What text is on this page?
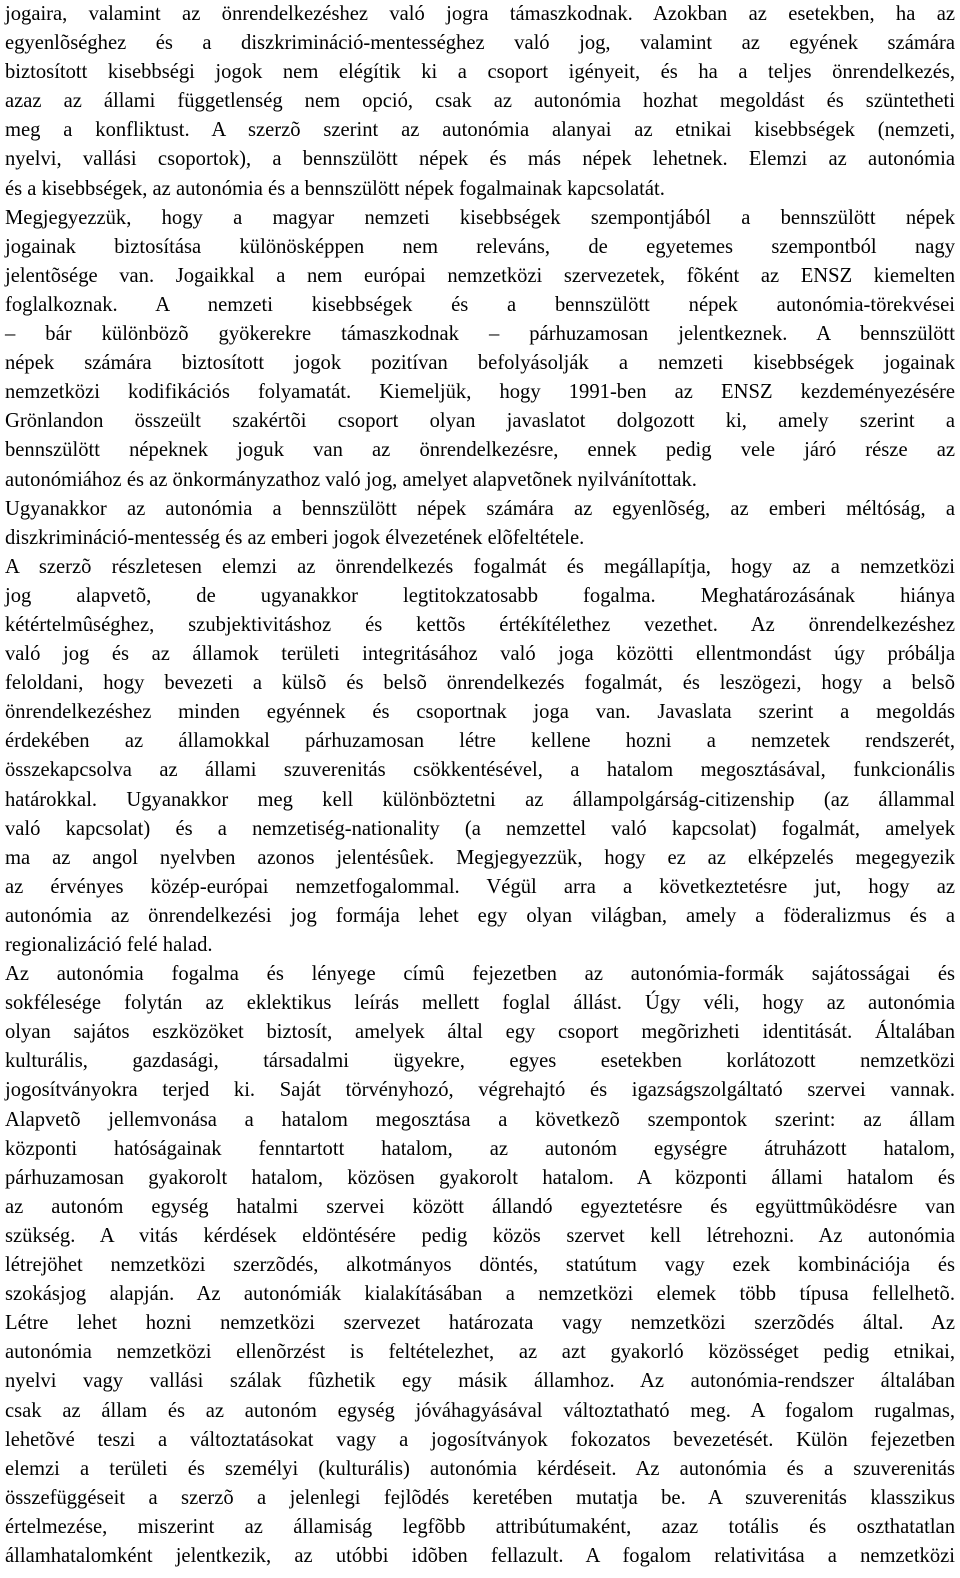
jogaira, valamint az önrendelkezéshez való jogra támaszkodnak. Azokban az esetekben, ha az
egyenlõséghez és a diszkrimináció-mentességhez való jog, valamint az egyének számára
biztosított kisebbségi jogok nem elégítik ki a csoport igényeit, és ha a teljes önrendelkezés,
azaz az állami függetlenség nem opció, csak az autonómia hozhat megoldást és szüntetheti
meg a konfliktust. A szerzõ szerint az autonómia alanyai az etnikai kisebbségek (nemzeti,
nyelvi, vallási csoportok), a bennszülött népek és más népek lehetnek. Elemzi az autonómia
és a kisebbségek, az autonómia és a bennszülött népek fogalmainak kapcsolatát.
Megjegyezzük, hogy a magyar nemzeti kisebbségek szempontjából a bennszülött népek
jogainak biztosítása különösképpen nem releváns, de egyetemes szempontból nagy
jelentõsége van. Jogaikkal a nem európai nemzetközi szervezetek, fõként az ENSZ kiemelten
foglalkoznak. A nemzeti kisebbségek és a bennszülött népek autonómia-törekvései
– bár különbözõ gyökerekre támaszkodnak – párhuzamosan jelentkeznek. A bennszülött
népek számára biztosított jogok pozitívan befolyásolják a nemzeti kisebbségek jogainak
nemzetközi kodifikációs folyamatát. Kiemeljük, hogy 1991-ben az ENSZ kezdeményezésére
Grönlandon összeült szakértõi csoport olyan javaslatot dolgozott ki, amely szerint a
bennszülött népeknek joguk van az önrendelkezésre, ennek pedig vele járó része az
autonómiához és az önkormányzathoz való jog, amelyet alapvetõnek nyilvánítottak.
Ugyanakkor az autonómia a bennszülött népek számára az egyenlõség, az emberi méltóság, a
diszkrimináció-mentesség és az emberi jogok élvezetének elõfeltétele.
A szerzõ részletesen elemzi az önrendelkezés fogalmát és megállapítja, hogy az a nemzetközi
jog alapvetõ, de ugyanakkor legtitokzatosabb fogalma. Meghatározásának hiánya
kétértelmûséghez, szubjektivitáshoz és kettõs értékítélethez vezethet. Az önrendelkezéshez
való jog és az államok területi integritásához való joga közötti ellentmondást úgy próbálja
feloldani, hogy bevezeti a külsõ és belsõ önrendelkezés fogalmát, és leszögezi, hogy a belsõ
önrendelkezéshez minden egyénnek és csoportnak joga van. Javaslata szerint a megoldás
érdekében az államokkal párhuzamosan létre kellene hozni a nemzetek rendszerét,
összekapcsolva az állami szuverenitás csökkentésével, a hatalom megosztásával, funkcionális
határokkal. Ugyanakkor meg kell különböztetni az állampolgárság-citizenship (az állammal
való kapcsolat) és a nemzetiség-nationality (a nemzettel való kapcsolat) fogalmát, amelyek
ma az angol nyelvben azonos jelentésûek. Megjegyezzük, hogy ez az elképzelés megegyezik
az érvényes közép-európai nemzetfogalommal. Végül arra a következtetésre jut, hogy az
autonómia az önrendelkezési jog formája lehet egy olyan világban, amely a föderalizmus és a
regionalizáció felé halad.
Az autonómia fogalma és lényege címû fejezetben az autonómia-formák sajátosságai és
sokfélesége folytán az eklektikus leírás mellett foglal állást. Úgy véli, hogy az autonómia
olyan sajátos eszközöket biztosít, amelyek által egy csoport megõrizheti identitását. Általában
kulturális, gazdasági, társadalmi ügyekre, egyes esetekben korlátozott nemzetközi
jogosítványokra terjed ki. Saját törvényhozó, végrehajtó és igazságszolgáltató szervei vannak.
Alapvetõ jellemvonása a hatalom megosztása a következõ szempontok szerint: az állam
központi hatóságainak fenntartott hatalom, az autonóm egységre átruházott hatalom,
párhuzamosan gyakorolt hatalom, közösen gyakorolt hatalom. A központi állami hatalom és
az autonóm egység hatalmi szervei között állandó egyeztetésre és együttmûködésre van
szükség. A vitás kérdések eldöntésére pedig közös szervet kell létrehozni. Az autonómia
létrejöhet nemzetközi szerzõdés, alkotmányos döntés, statútum vagy ezek kombinációja és
szokásjog alapján. Az autonómiák kialakításában a nemzetközi elemek több típusa fellelhetõ.
Létre lehet hozni nemzetközi szervezet határozata vagy nemzetközi szerzõdés által. Az
autonómia nemzetközi ellenõrzést is feltételezhet, az azt gyakorló közösséget pedig etnikai,
nyelvi vagy vallási szálak fûzhetik egy másik államhoz. Az autonómia-rendszer általában
csak az állam és az autonóm egység jóváhagyásával változtatható meg. A fogalom rugalmas,
lehetõvé teszi a változtatásokat vagy a jogosítványok fokozatos bevezetését. Külön fejezetben
elemzi a területi és személyi (kulturális) autonómia kérdéseit. Az autonómia és a szuverenitás
összefüggéseit a szerzõ a jelenlegi fejlõdés keretében mutatja be. A szuverenitás klasszikus
értelmezése, miszerint az államiság legfõbb attribútumaként, azaz totális és oszthatatlan
államhatalomként jelentkezik, az utóbbi idõben fellazult. A fogalom relativitása a nemzetközi
